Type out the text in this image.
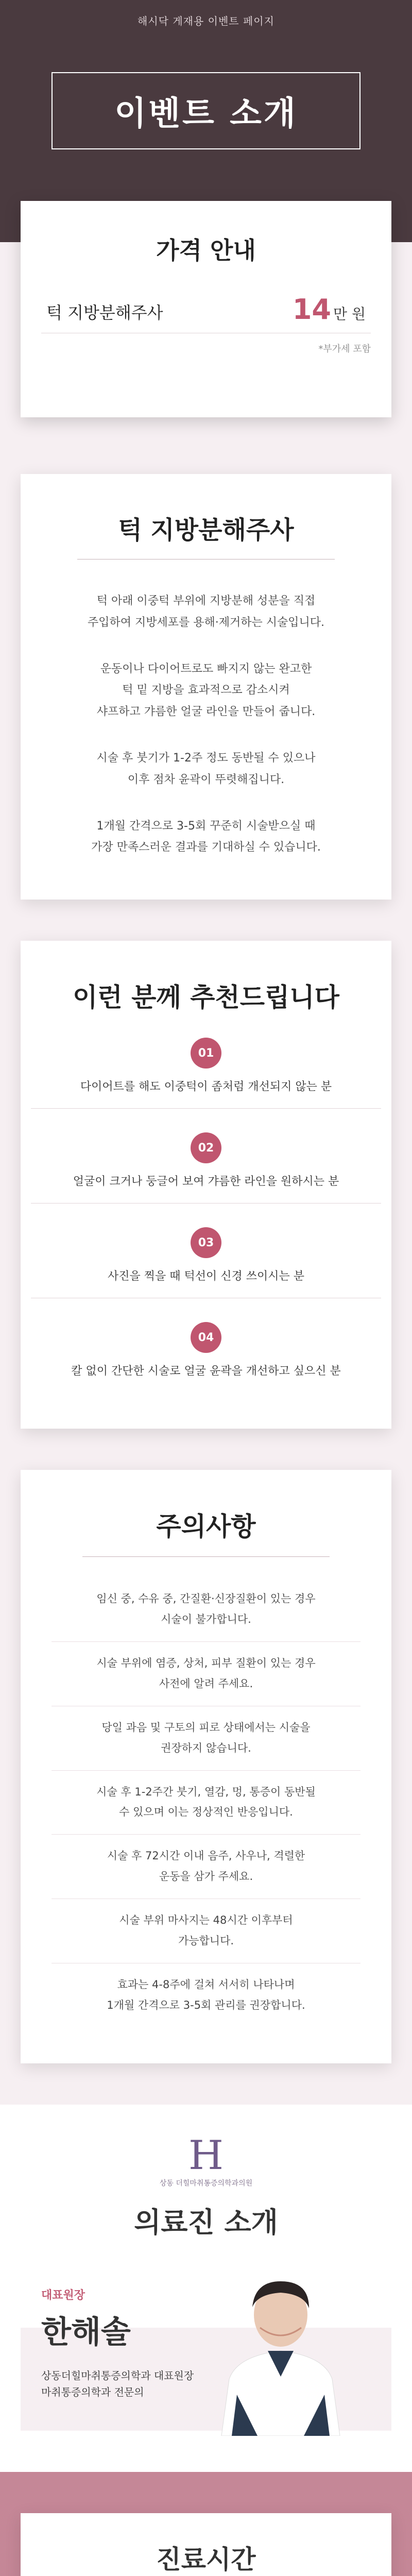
해시닥 게재용 이벤트 페이지
이벤트 소개
가격 안내
턱 지방분해주사	14 만 원
*부가세 포함
턱 지방분해주사

턱 아래 이중턱 부위에 지방분해 성분을 직접
주입하여 지방세포를 용해·제거하는 시술입니다.

운동이나 다이어트로도 빠지지 않는 완고한
턱 밑 지방을 효과적으로 감소시켜
샤프하고 갸름한 얼굴 라인을 만들어 줍니다.

시술 후 붓기가 1-2주 정도 동반될 수 있으나
이후 점차 윤곽이 뚜렷해집니다.

1개월 간격으로 3-5회 꾸준히 시술받으실 때
가장 만족스러운 결과를 기대하실 수 있습니다.

이런 분께 추천드립니다
01
다이어트를 해도 이중턱이 좀처럼 개선되지 않는 분
02
얼굴이 크거나 둥글어 보여 갸름한 라인을 원하시는 분
03
사진을 찍을 때 턱선이 신경 쓰이시는 분
04
칼 없이 간단한 시술로 얼굴 윤곽을 개선하고 싶으신 분
주의사항
임신 중, 수유 중, 간질환·신장질환이 있는 경우
시술이 불가합니다.
시술 부위에 염증, 상처, 피부 질환이 있는 경우
사전에 알려 주세요.
당일 과음 및 구토의 피로 상태에서는 시술을
권장하지 않습니다.
시술 후 1-2주간 붓기, 열감, 멍, 통증이 동반될
수 있으며 이는 정상적인 반응입니다.
시술 후 72시간 이내 음주, 사우나, 격렬한
운동을 삼가 주세요.
시술 부위 마사지는 48시간 이후부터
가능합니다.
효과는 4-8주에 걸쳐 서서히 나타나며
1개월 간격으로 3-5회 관리를 권장합니다.
H
상동 더힐마취통증의학과의원
의료진 소개
대표원장
한해솔
상동더힐마취통증의학과 대표원장
마취통증의학과 전문의
진료시간
